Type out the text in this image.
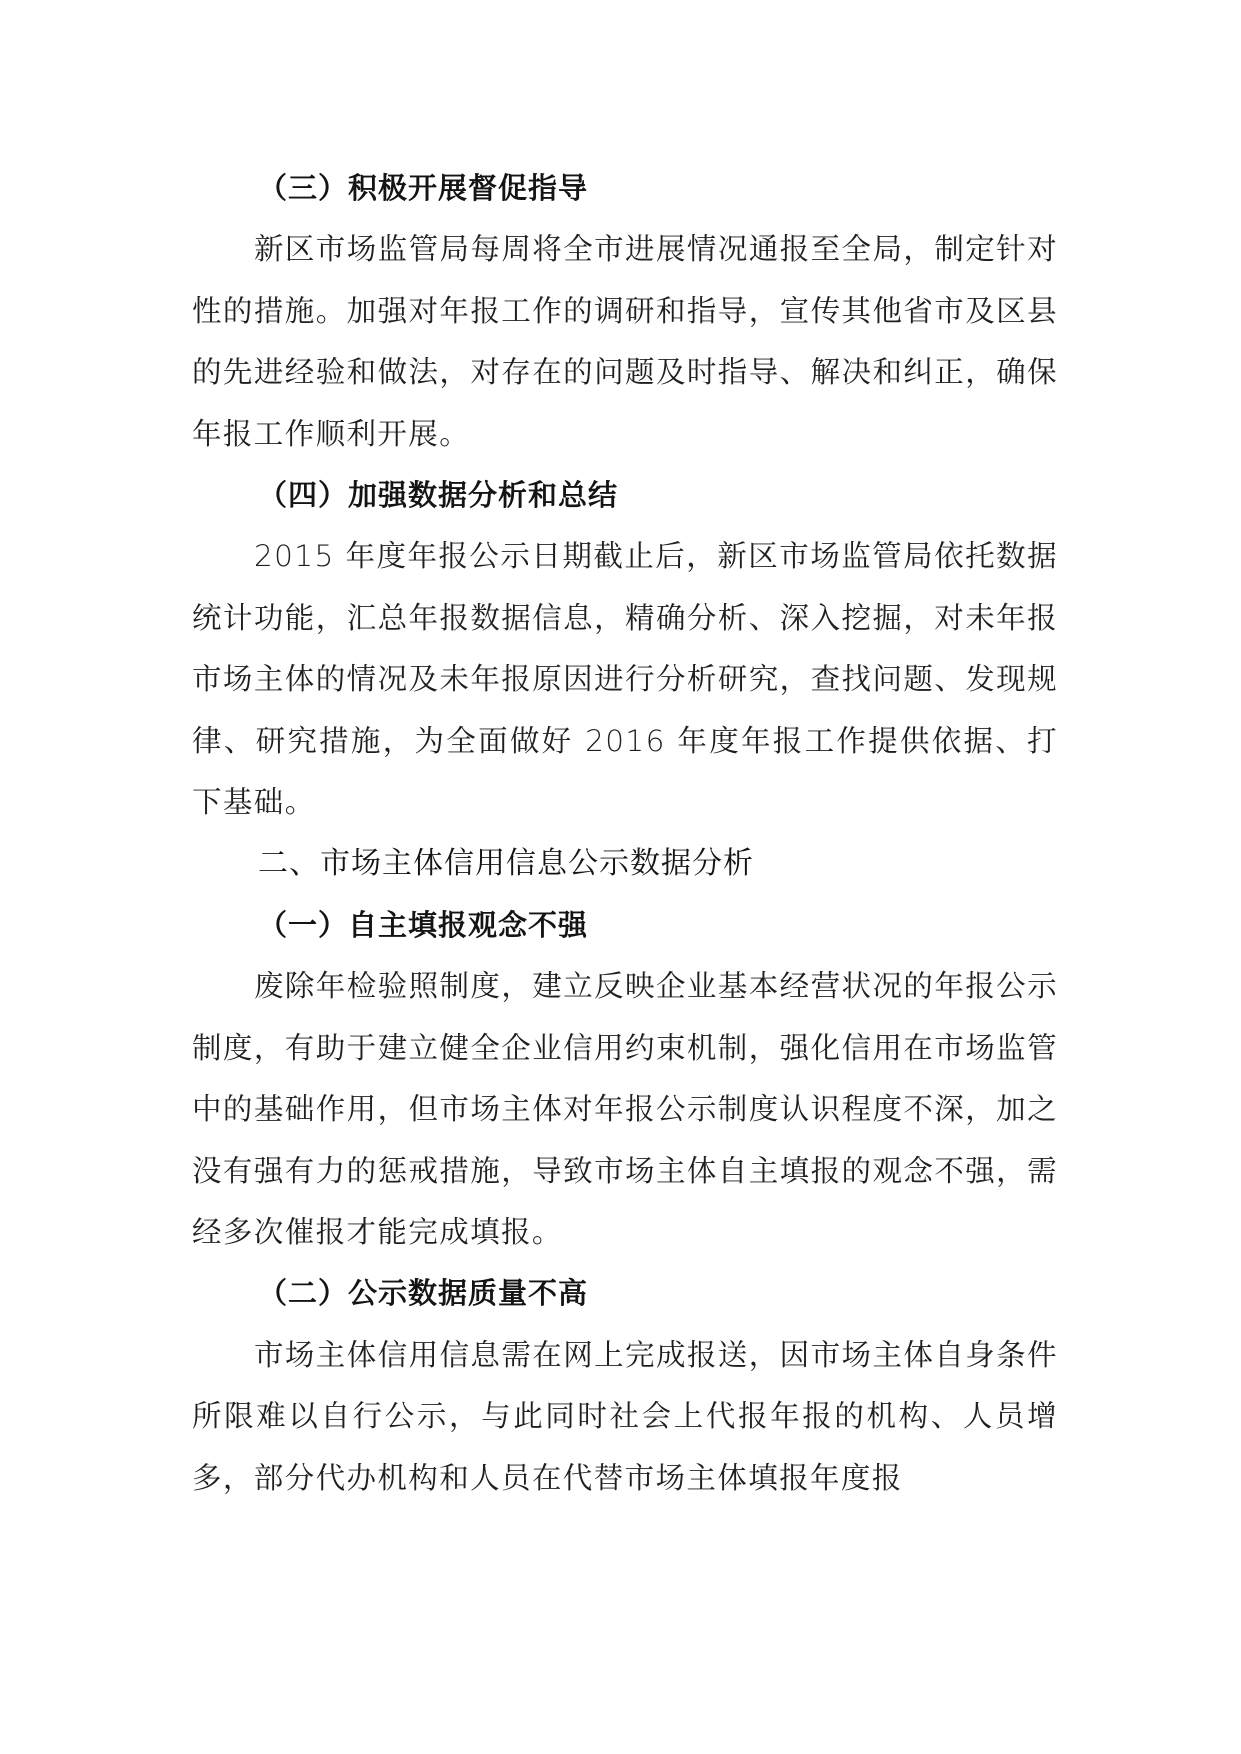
（三）积极开展督促指导

新区市场监管局每周将全市进展情况通报至全局，制定针对性的措施。加强对年报工作的调研和指导，宣传其他省市及区县的先进经验和做法，对存在的问题及时指导、解决和纠正，确保年报工作顺利开展。

（四）加强数据分析和总结

2015 年度年报公示日期截止后，新区市场监管局依托数据统计功能，汇总年报数据信息，精确分析、深入挖掘，对未年报市场主体的情况及未年报原因进行分析研究，查找问题、发现规律、研究措施，为全面做好 2016 年度年报工作提供依据、打下基础。

二、市场主体信用信息公示数据分析
（一）自主填报观念不强

废除年检验照制度，建立反映企业基本经营状况的年报公示制度，有助于建立健全企业信用约束机制，强化信用在市场监管中的基础作用，但市场主体对年报公示制度认识程度不深，加之没有强有力的惩戒措施，导致市场主体自主填报的观念不强，需经多次催报才能完成填报。

（二）公示数据质量不高

市场主体信用信息需在网上完成报送，因市场主体自身条件所限难以自行公示，与此同时社会上代报年报的机构、人员增多，部分代办机构和人员在代替市场主体填报年度报
